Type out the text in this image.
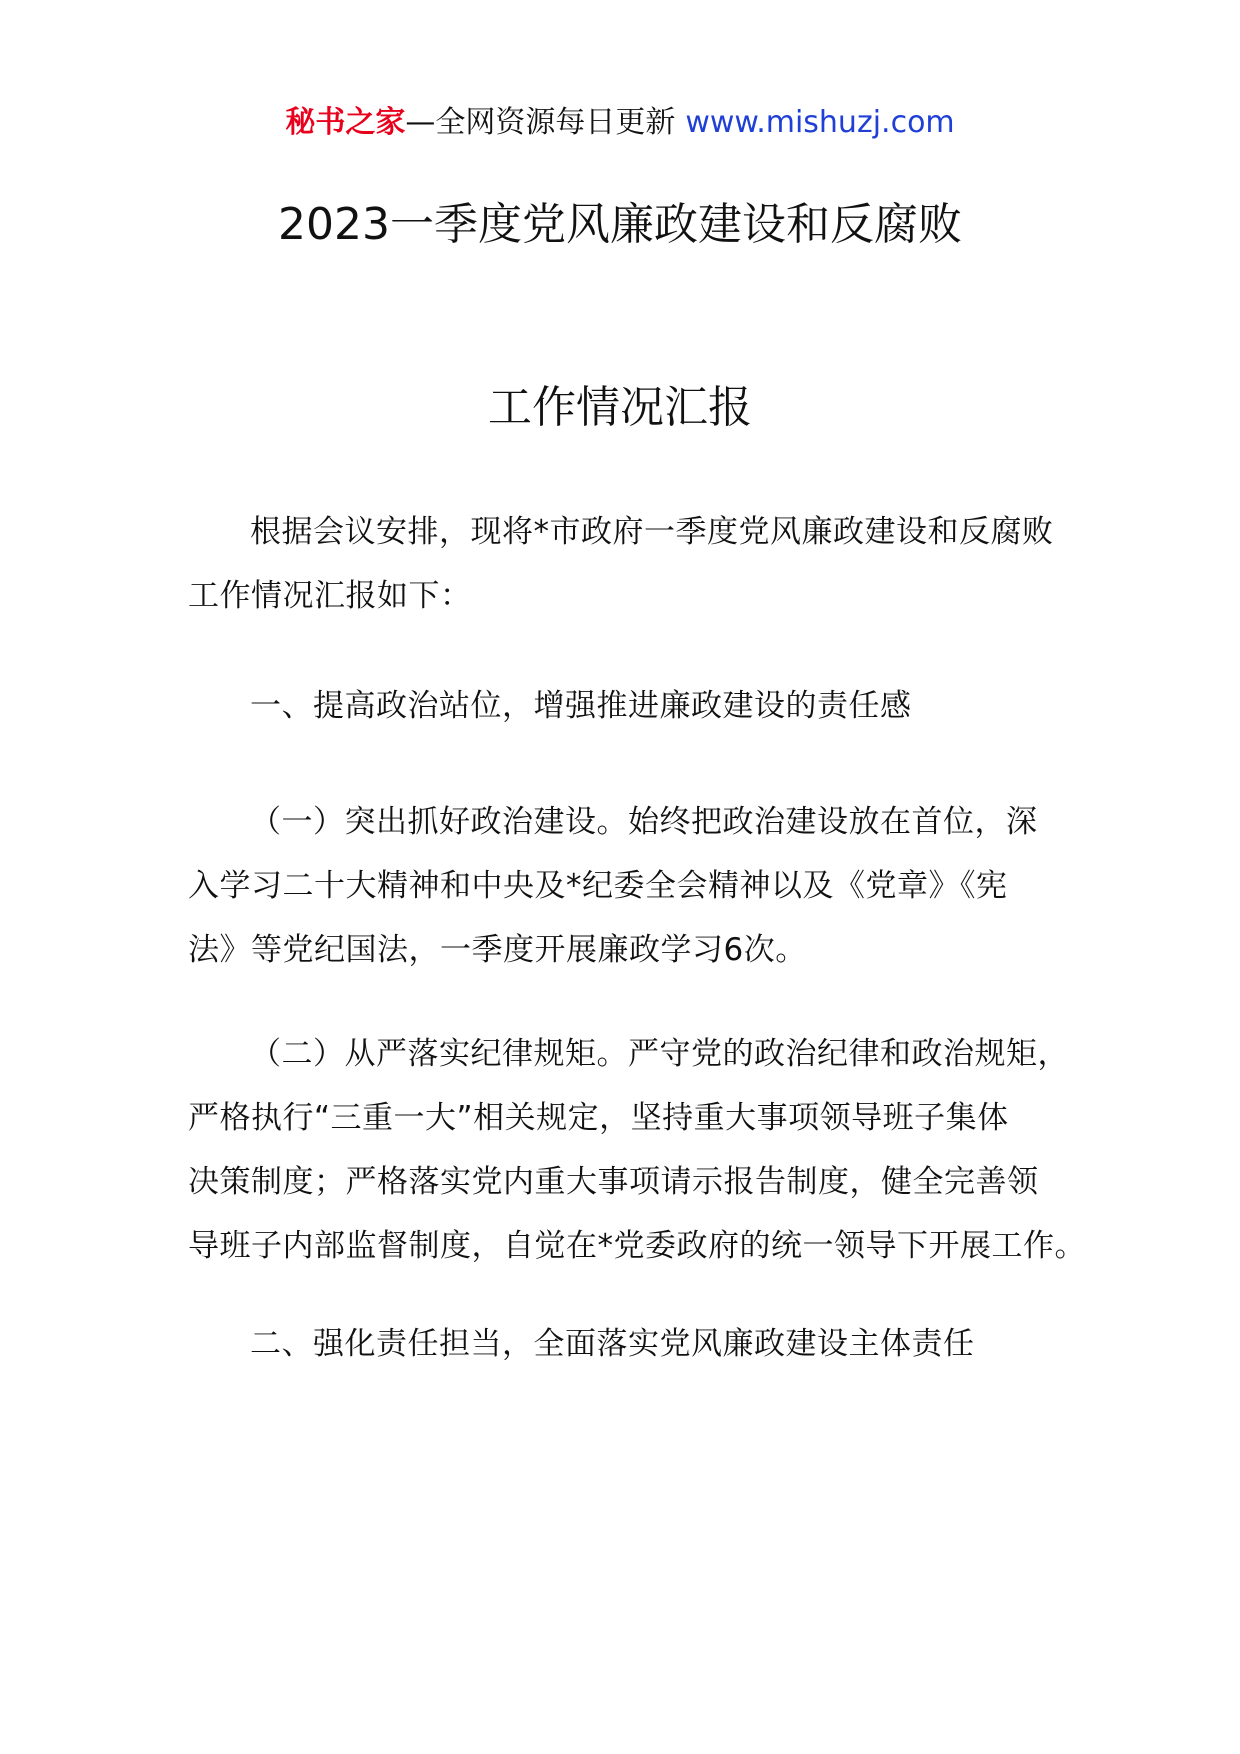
秘书之家—全网资源每日更新 www.mishuzj.com
2023一季度党风廉政建设和反腐败
工作情况汇报
根据会议安排，现将*市政府一季度党风廉政建设和反腐败
工作情况汇报如下：
一、提高政治站位，增强推进廉政建设的责任感
（一）突出抓好政治建设。始终把政治建设放在首位，深
入学习二十大精神和中央及*纪委全会精神以及《党章》《宪
法》等党纪国法，一季度开展廉政学习6次。
（二）从严落实纪律规矩。严守党的政治纪律和政治规矩，
严格执行“三重一大”相关规定，坚持重大事项领导班子集体
决策制度；严格落实党内重大事项请示报告制度，健全完善领
导班子内部监督制度，自觉在*党委政府的统一领导下开展工作。
二、强化责任担当，全面落实党风廉政建设主体责任
